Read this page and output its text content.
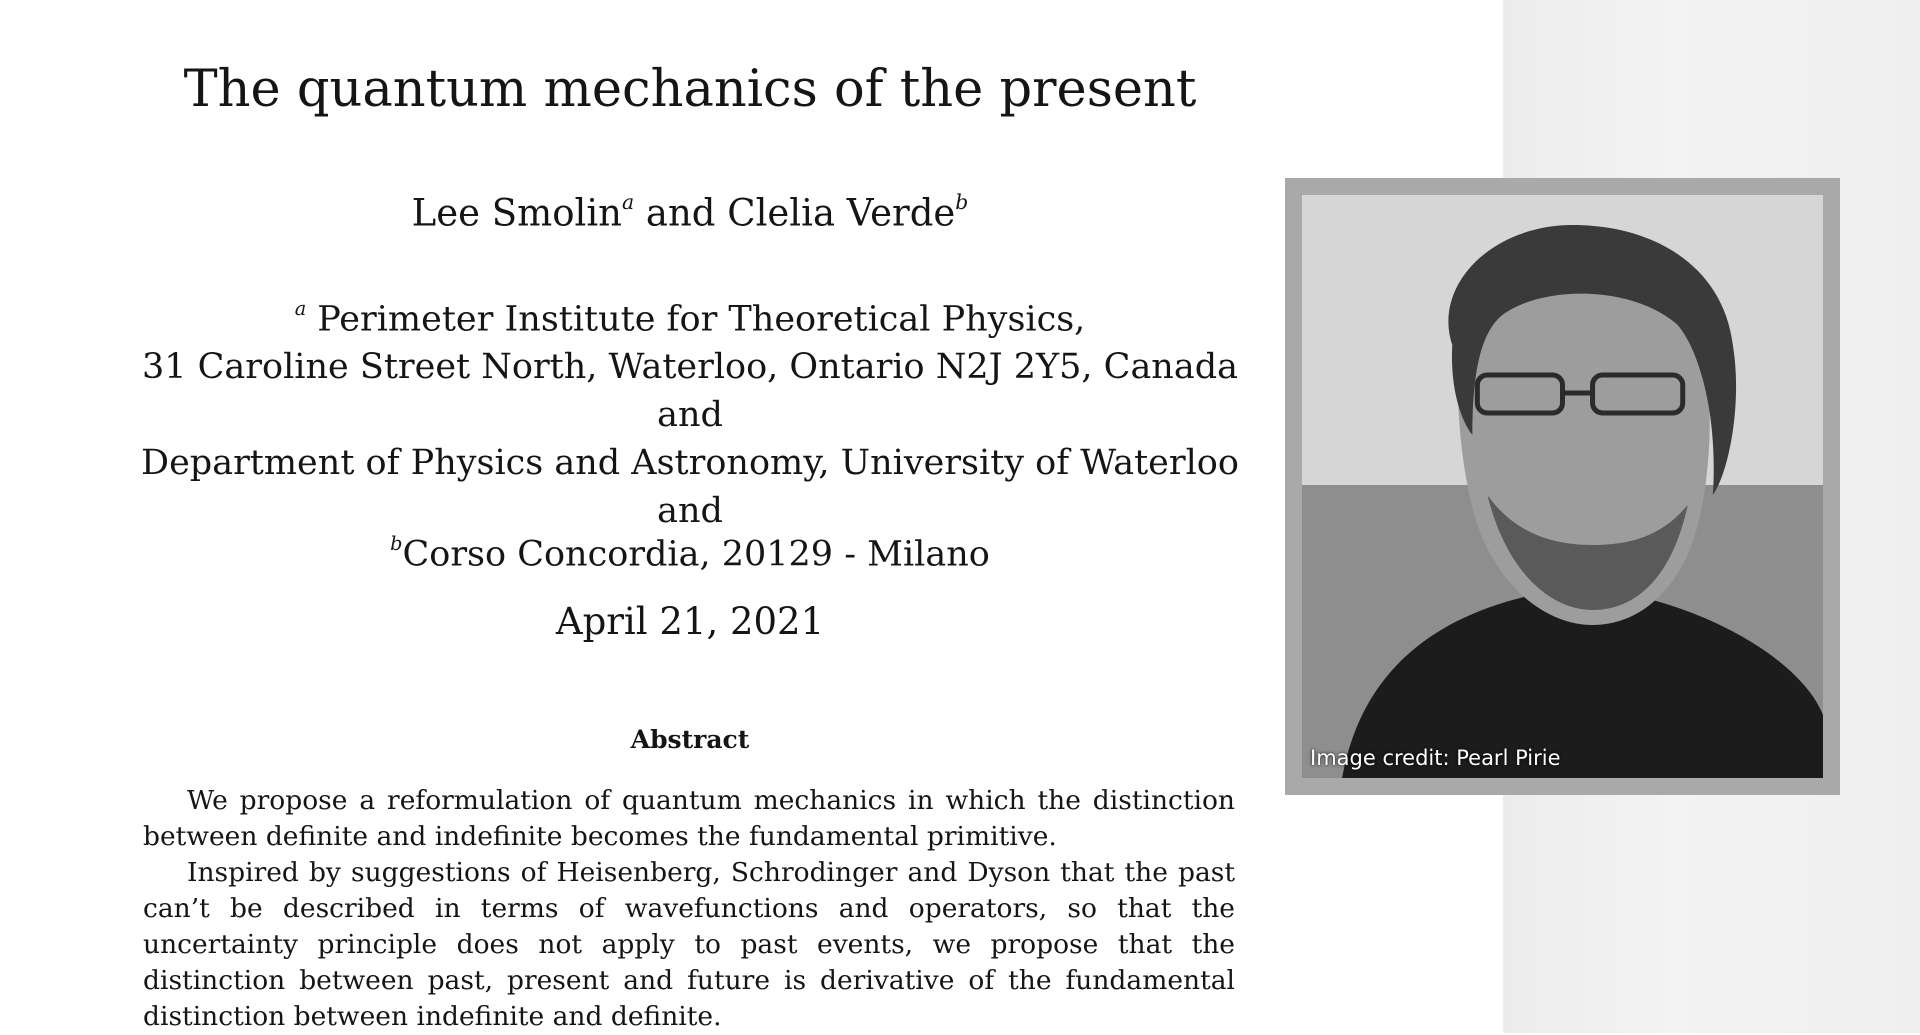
The quantum mechanics of the present
Lee Smolin$^a$ and Clelia Verde$^b$
$^a$ Perimeter Institute for Theoretical Physics,
31 Caroline Street North, Waterloo, Ontario N2J 2Y5, Canada
and
Department of Physics and Astronomy, University of Waterloo
and
$^b$Corso Concordia, 20129 - Milano
April 21, 2021
Abstract

We propose a reformulation of quantum mechanics in which the distinction between definite and indefinite becomes the fundamental primitive.

Inspired by suggestions of Heisenberg, Schrodinger and Dyson that the past can’t be described in terms of wavefunctions and operators, so that the uncertainty principle does not apply to past events, we propose that the distinction between past, present and future is derivative of the fundamental distinction between indefinite and definite.

Image credit: Pearl Pirie
